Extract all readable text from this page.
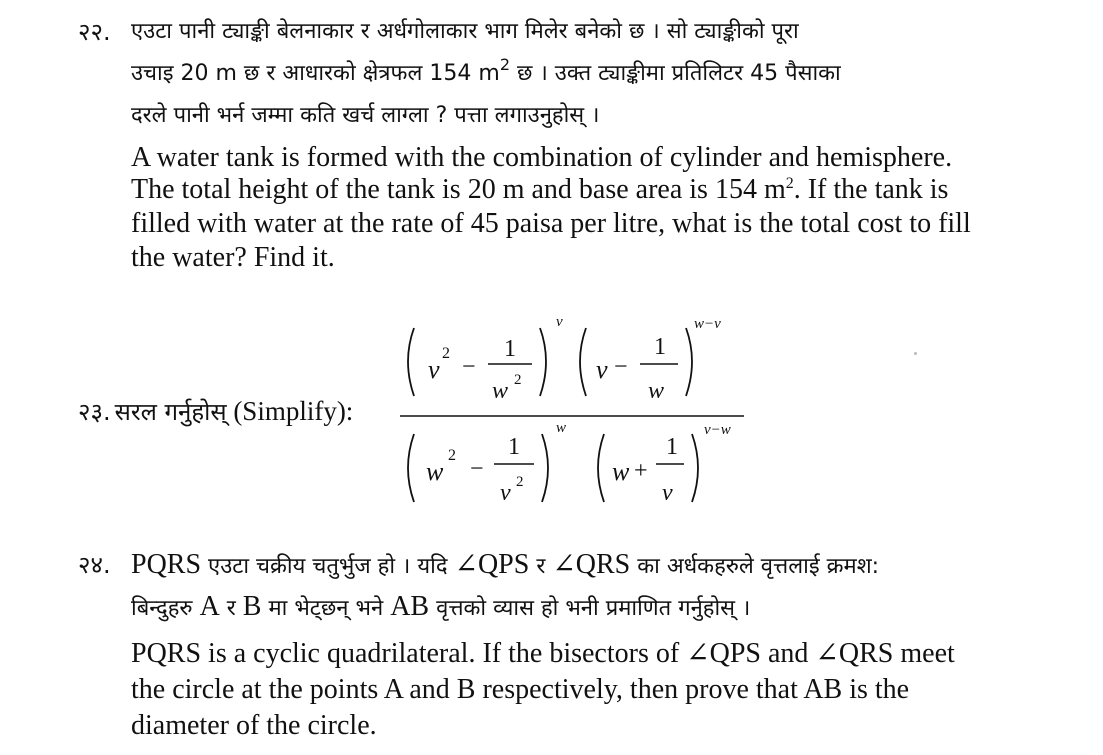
२२. एउटा पानी ट्याङ्की बेलनाकार र अर्धगोलाकार भाग मिलेर बनेको छ । सो ट्याङ्कीको पूरा
उचाइ 20 m छ र आधारको क्षेत्रफल 154 $m^2$ छ । उक्त ट्याङ्कीमा प्रतिलिटर 45 पैसाका
दरले पानी भर्न जम्मा कति खर्च लाग्ला ? पत्ता लगाउनुहोस् ।
A water tank is formed with the combination of cylinder and hemisphere.
The total height of the tank is 20 m and base area is 154 $m^2$. If the tank is
filled with water at the rate of 45 paisa per litre, what is the total cost to fill
the water? Find it.
२३. सरल गर्नुहोस् (Simplify):
v
2
−
1
w 2
v
v −
1
w
w−v
w
2
−
1
v 2
w
w +
1
v
v−w
२४. PQRS एउटा चक्रीय चतुर्भुज हो । यदि ∠QPS र ∠QRS का अर्धकहरुले वृत्तलाई क्रमश:
बिन्दुहरु A र B मा भेट्छन् भने AB वृत्तको व्यास हो भनी प्रमाणित गर्नुहोस् ।
PQRS is a cyclic quadrilateral. If the bisectors of ∠QPS and ∠QRS meet
the circle at the points A and B respectively, then prove that AB is the
diameter of the circle.
